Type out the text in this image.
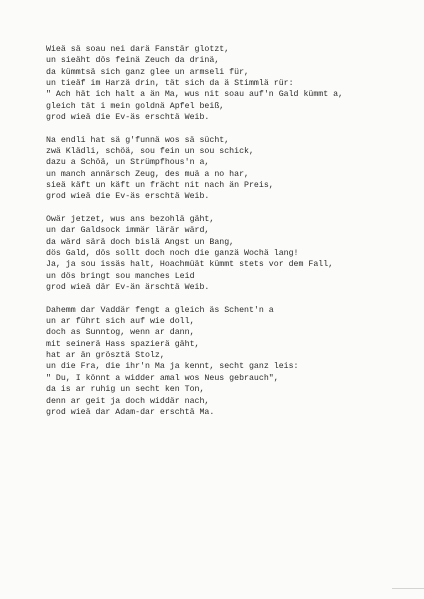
Wieä sä soau nei darä Fanstär glotzt,
un sieäht dös feinä Zeuch da drinä,
da kümmtsä sich ganz glee un armseli für,
un tieäf im Harzä drin, tät sich da ä Stimmlä rür:
" Ach hät ich halt a än Ma, wus nit soau auf'n Gald kümmt a,
gleich tät i mein goldnä Apfel beiß,
grod wieä die Ev-äs erschtä Weib.
Na endli hat sä g'funnä wos sä sücht,
zwä Klädli, schöä, sou fein un sou schick,
dazu a Schöä, un Strümpfhous'n a,
un manch annärsch Zeug, des muä a no har,
sieä käft un käft un frächt nit nach än Preis,
grod wieä die Ev-äs erschtä Weib.
Owär jetzet, wus ans bezohlä gäht,
un dar Galdsock immär lärär wärd,
da wärd särä doch bislä Angst un Bang,
dös Gald, dös sollt doch noch die ganzä Wochä lang!
Ja, ja sou issäs halt, Hoachmüät kümmt stets vor dem Fall,
un dös bringt sou manches Leid
grod wieä där Ev-än ärschtä Weib.
Dahemm dar Vaddär fengt a gleich äs Schent'n a
un ar führt sich auf wie doll,
doch as Sunntog, wenn ar dann,
mit seinerä Hass spazierä gäht,
hat ar än grösztä Stolz,
un die Fra, die ihr'n Ma ja kennt, secht ganz leis:
" Du, I könnt a widder amal wos Neus gebrauch",
da is ar ruhig un secht ken Ton,
denn ar geit ja doch widdär nach,
grod wieä dar Adam-dar erschtä Ma.
